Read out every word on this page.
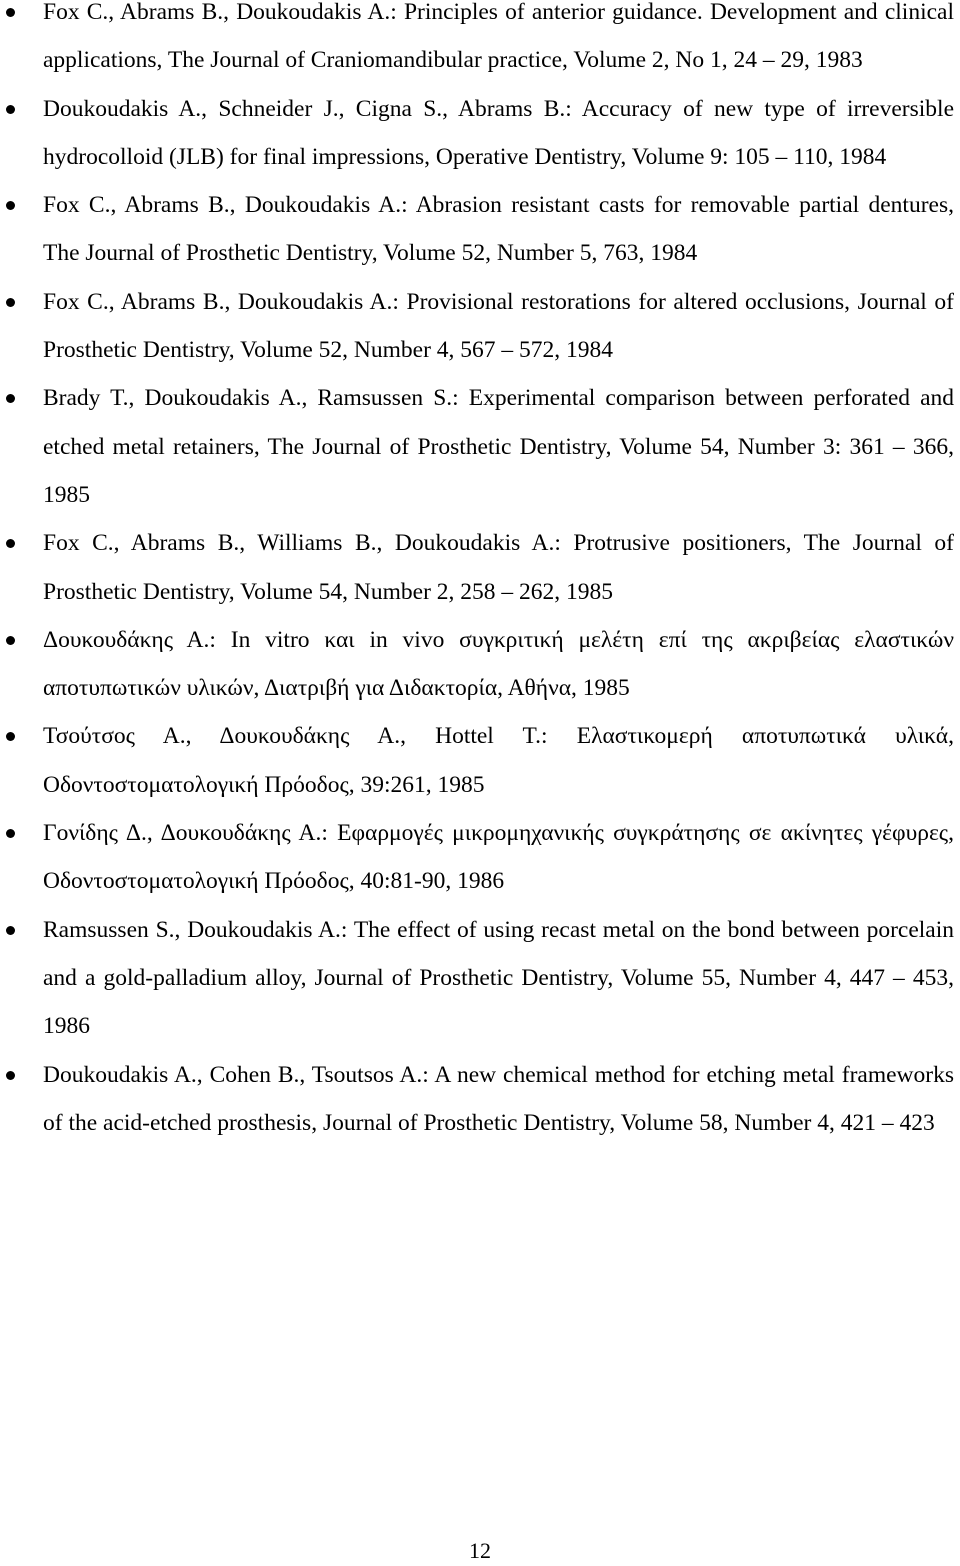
Fox C., Abrams B., Doukoudakis A.: Principles of anterior guidance. Development and clinical applications, The Journal of Craniomandibular practice, Volume 2, No 1, 24 – 29, 1983
Doukoudakis A., Schneider J., Cigna S., Abrams B.: Accuracy of new type of irreversible hydrocolloid (JLB) for final impressions, Operative Dentistry, Volume 9: 105 – 110, 1984
Fox C., Abrams B., Doukoudakis A.: Abrasion resistant casts for removable partial dentures, The Journal of Prosthetic Dentistry, Volume 52, Number 5, 763, 1984
Fox C., Abrams B., Doukoudakis A.: Provisional restorations for altered occlusions, Journal of Prosthetic Dentistry, Volume 52, Number 4, 567 – 572, 1984
Brady T., Doukoudakis A., Ramsussen S.: Experimental comparison between perforated and etched metal retainers, The Journal of Prosthetic Dentistry, Volume 54, Number 3: 361 – 366, 1985
Fox C., Abrams B., Williams B., Doukoudakis A.: Protrusive positioners, The Journal of Prosthetic Dentistry, Volume 54, Number 2, 258 – 262, 1985
Δουκουδάκης Α.: In vitro και in vivo συγκριτική μελέτη επί της ακριβείας ελαστικών αποτυπωτικών υλικών, Διατριβή για Διδακτορία, Αθήνα, 1985
Τσούτσος Α., Δουκουδάκης Α., Hottel T.: Ελαστικομερή αποτυπωτικά υλικά, Οδοντοστοματολογική Πρόοδος, 39:261, 1985
Γονίδης Δ., Δουκουδάκης Α.: Εφαρμογές μικρομηχανικής συγκράτησης σε ακίνητες γέφυρες, Οδοντοστοματολογική Πρόοδος, 40:81-90, 1986
Ramsussen S., Doukoudakis A.: The effect of using recast metal on the bond between porcelain and a gold-palladium alloy, Journal of Prosthetic Dentistry, Volume 55, Number 4, 447 – 453, 1986
Doukoudakis A., Cohen B., Tsoutsos A.: A new chemical method for etching metal frameworks of the acid-etched prosthesis, Journal of Prosthetic Dentistry, Volume 58, Number 4, 421 – 423
12
